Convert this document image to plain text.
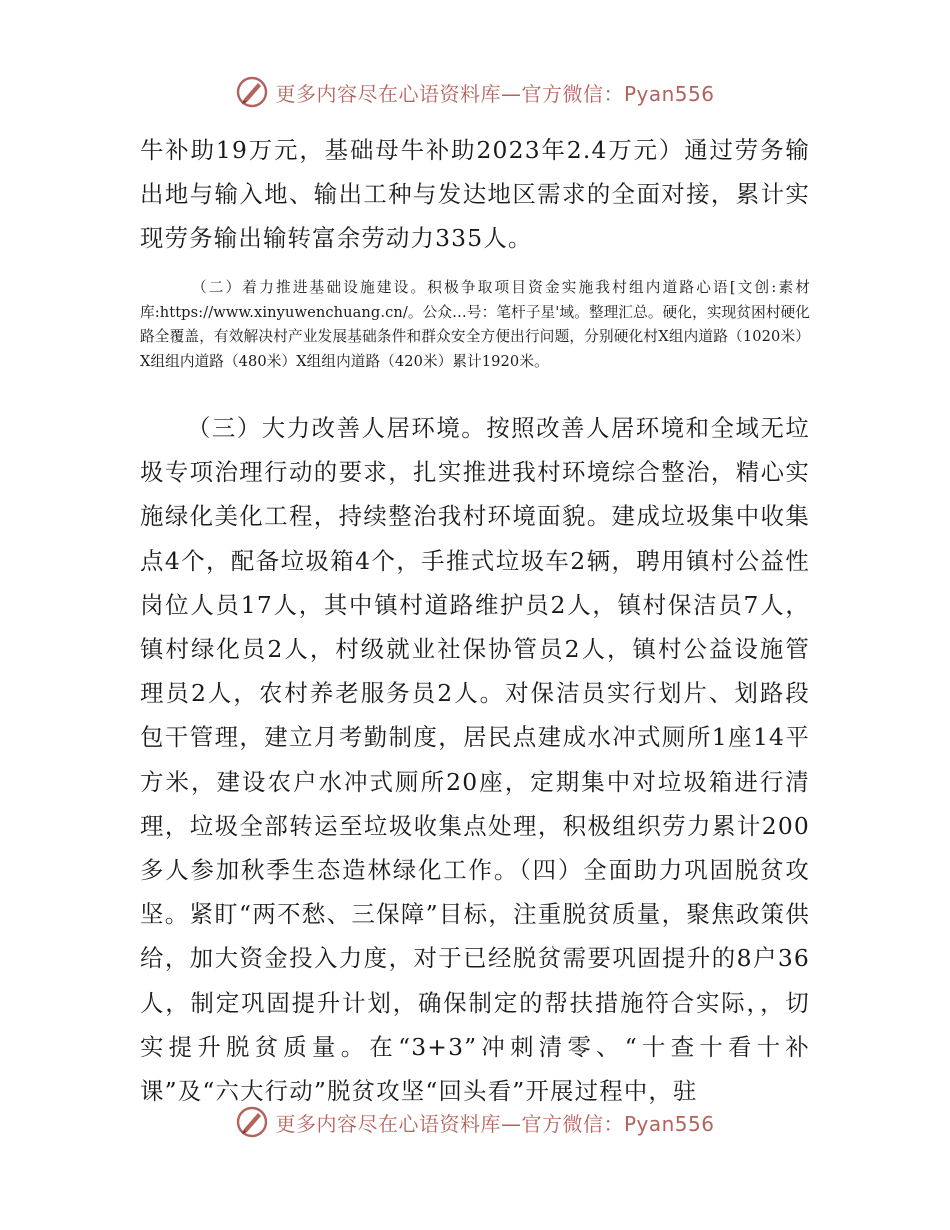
更多内容尽在心语资料库—官方微信：Pyan556

牛补助19万元，基础母牛补助2023年2.4万元）通过劳务输出地与输入地、输出工种与发达地区需求的全面对接，累计实现劳务输出输转富余劳动力335人。

（二）着力推进基础设施建设。积极争取项目资金实施我村组内道路心语[文创:素材库:https://www.xinyuwenchuang.cn/。公众…号：笔杆子星'域。整理汇总。硬化，实现贫困村硬化路全覆盖，有效解决村产业发展基础条件和群众安全方便出行问题，分别硬化村X组内道路（1020米）X组组内道路（480米）X组组内道路（420米）累计1920米。

（三）大力改善人居环境。按照改善人居环境和全域无垃圾专项治理行动的要求，扎实推进我村环境综合整治，精心实施绿化美化工程，持续整治我村环境面貌。建成垃圾集中收集点4个，配备垃圾箱4个，手推式垃圾车2辆，聘用镇村公益性岗位人员17人，其中镇村道路维护员2人，镇村保洁员7人，镇村绿化员2人，村级就业社保协管员2人，镇村公益设施管理员2人，农村养老服务员2人。对保洁员实行划片、划路段包干管理，建立月考勤制度，居民点建成水冲式厕所1座14平方米，建设农户水冲式厕所20座，定期集中对垃圾箱进行清理，垃圾全部转运至垃圾收集点处理，积极组织劳力累计200多人参加秋季生态造林绿化工作。（四）全面助力巩固脱贫攻坚。紧盯“两不愁、三保障”目标，注重脱贫质量，聚焦政策供给，加大资金投入力度，对于已经脱贫需要巩固提升的8户36人，制定巩固提升计划，确保制定的帮扶措施符合实际，，切实提升脱贫质量。在“3+3”冲刺清零、“十查十看十补课”及“六大行动”脱贫攻坚“回头看”开展过程中，驻

更多内容尽在心语资料库—官方微信：Pyan556
